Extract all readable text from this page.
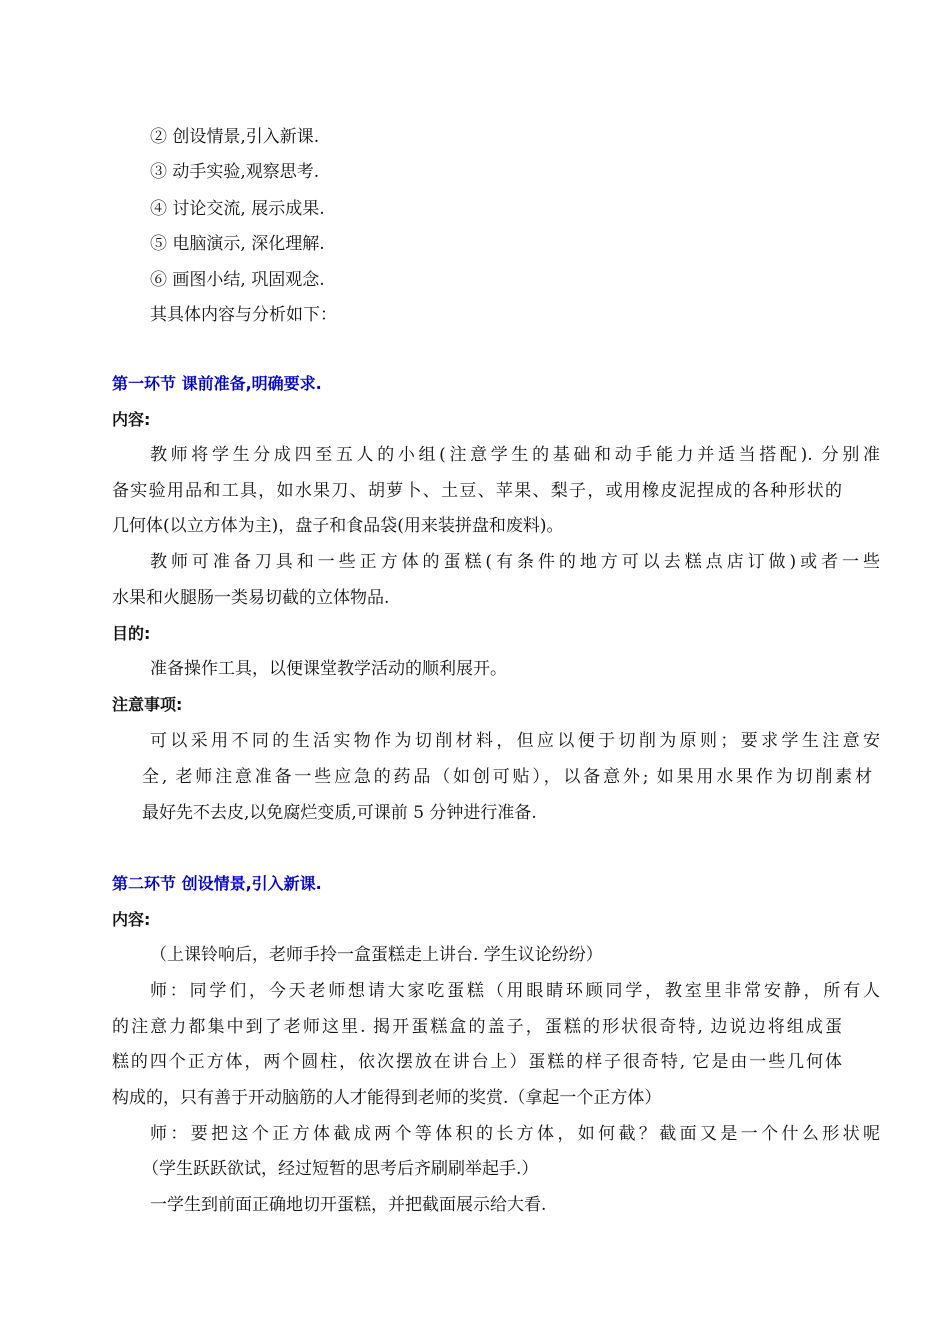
② 创设情景,引入新课.
③ 动手实验,观察思考.
④ 讨论交流, 展示成果.
⑤ 电脑演示, 深化理解.
⑥ 画图小结, 巩固观念.
其具体内容与分析如下：
第一环节 课前准备,明确要求.
内容:
教师将学生分成四至五人的小组(注意学生的基础和动手能力并适当搭配). 分别准
备实验用品和工具，如水果刀、胡萝卜、土豆、苹果、梨子，或用橡皮泥捏成的各种形状的
几何体(以立方体为主)，盘子和食品袋(用来装拼盘和废料)。
教师可准备刀具和一些正方体的蛋糕(有条件的地方可以去糕点店订做)或者一些
水果和火腿肠一类易切截的立体物品.
目的:
准备操作工具，以便课堂教学活动的顺利展开。
注意事项:
可以采用不同的生活实物作为切削材料，但应以便于切削为原则；要求学生注意安
全, 老师注意准备一些应急的药品（如创可贴），以备意外; 如果用水果作为切削素材
最好先不去皮,以免腐烂变质,可课前 5 分钟进行准备.
第二环节 创设情景,引入新课.
内容:
（上课铃响后，老师手拎一盒蛋糕走上讲台. 学生议论纷纷）
师：同学们，今天老师想请大家吃蛋糕（用眼睛环顾同学，教室里非常安静，所有人
的注意力都集中到了老师这里. 揭开蛋糕盒的盖子，蛋糕的形状很奇特, 边说边将组成蛋
糕的四个正方体，两个圆柱，依次摆放在讲台上）蛋糕的样子很奇特, 它是由一些几何体
构成的，只有善于开动脑筋的人才能得到老师的奖赏.（拿起一个正方体）
师：要把这个正方体截成两个等体积的长方体，如何截？截面又是一个什么形状呢
（学生跃跃欲试，经过短暂的思考后齐刷刷举起手.）
一学生到前面正确地切开蛋糕，并把截面展示给大看.
